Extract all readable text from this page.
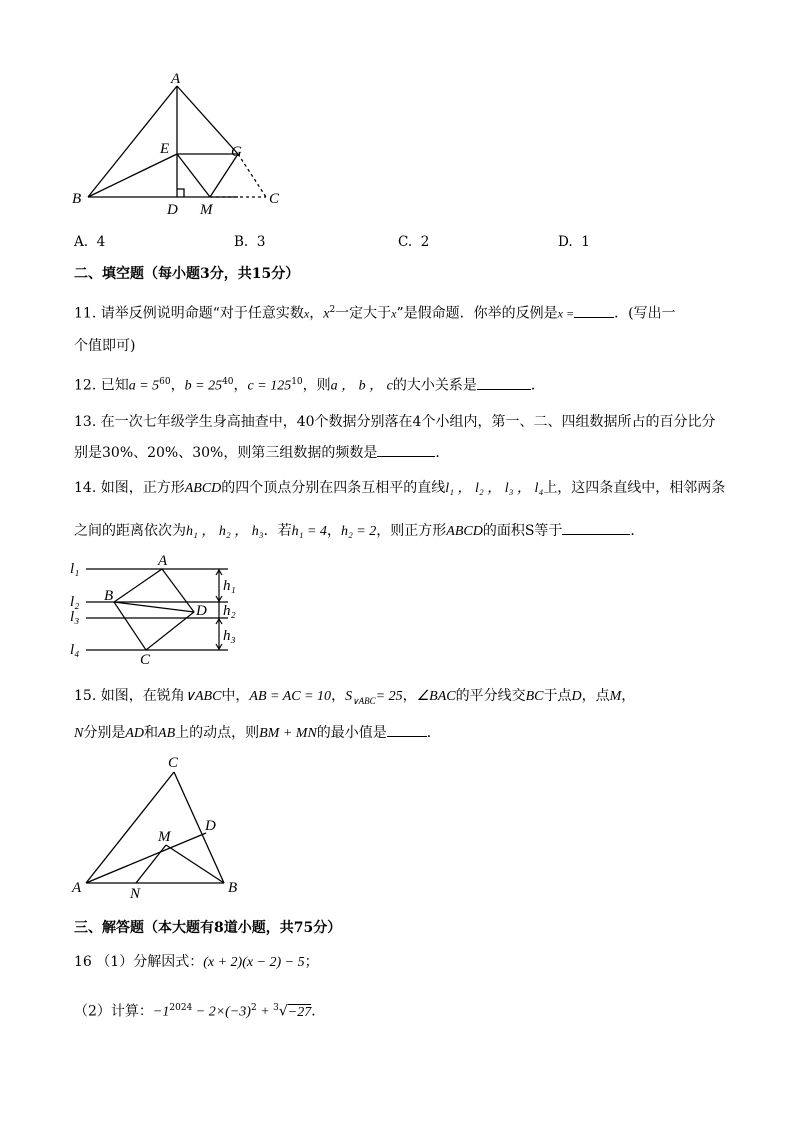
A
B	C
D
E	G
M
A. 4	B. 3	C. 2	D. 1
二、填空题（每小题3分，共15分）
11. 请举反例说明命题“对于任意实数x，$x^2$一定大于x”是假命题．你举的反例是x =	．(写出一
个值即可)
12. 已知$a = 5^{60}$，$b = 25^{40}$，$c = 125^{10}$，则a ， b ， c的大小关系是	．
13. 在一次七年级学生身高抽查中，40个数据分别落在4个小组内，第一、二、四组数据所占的百分比分
别是30%、20%、30%，则第三组数据的频数是	．
14. 如图，正方形ABCD的四个顶点分别在四条互相平的直线l₁ ， l₂ ， l₃ ， l₄上，这四条直线中，相邻两条
之间的距离依次为h₁ ， h₂ ， h₃．若h₁ = 4，h₂ = 2，则正方形ABCD的面积S等于	．
l₁
l₂
l₃
l₄
A
B
C
D
h₁
h₂
h₃
15. 如图，在锐角∨ABC中，AB = AC = 10，$S_{\vee ABC}= 25$，∠BAC的平分线交BC于点D，点M，
N分别是AD和AB上的动点，则BM + MN的最小值是	．
C
D
M
N
A	B
三、解答题（本大题有8道小题，共75分）
16 （1）分解因式：(x + 2)(x − 2) − 5；
（2）计算：$-1^{2024} - 2\times(-3)^2 + ^3√-27$．
